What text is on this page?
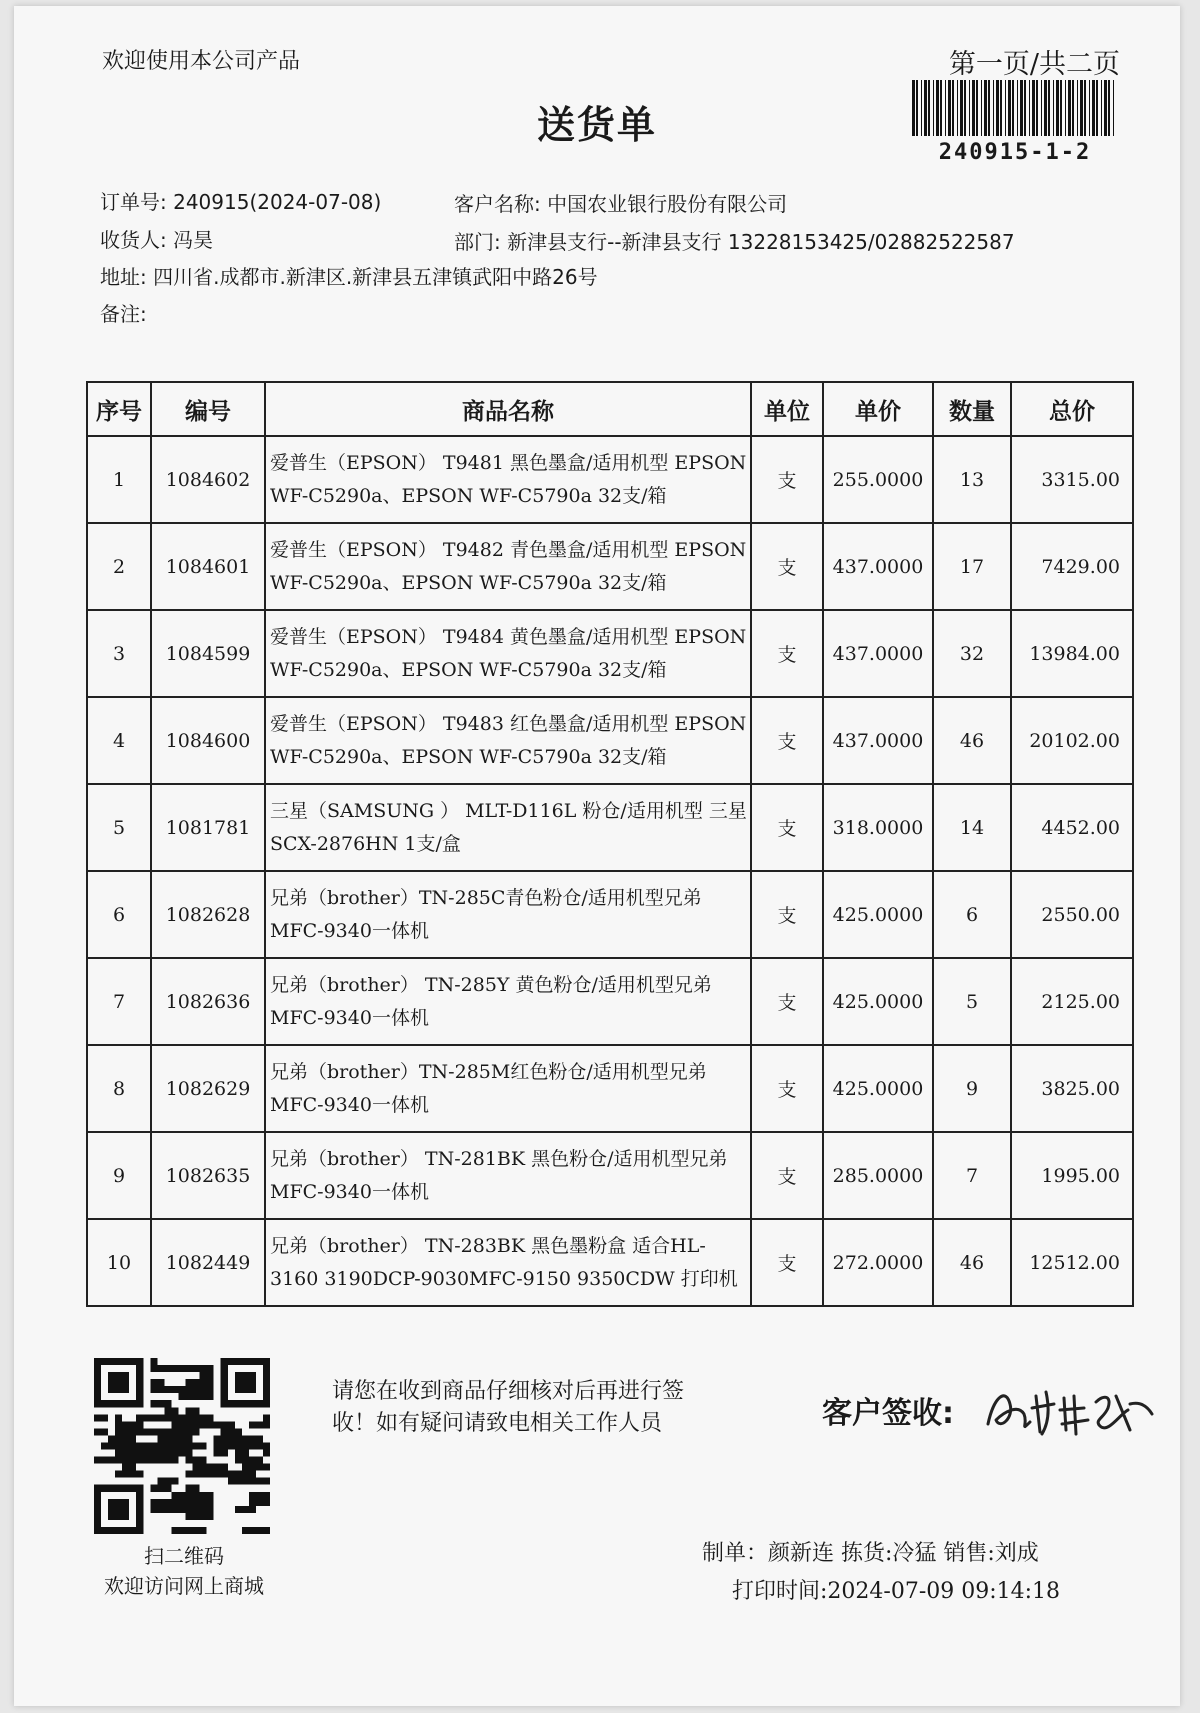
欢迎使用本公司产品	第一页/共二页
送货单
240915-1-2
订单号: 240915(2024-07-08)	客户名称: 中国农业银行股份有限公司
收货人: 冯昊	部门: 新津县支行--新津县支行 13228153425/02882522587
地址: 四川省.成都市.新津区.新津县五津镇武阳中路26号
备注:
序号	编号	商品名称	单位	单价	数量	总价
1	1084602	爱普生（EPSON） T9481 黑色墨盒/适用机型 EPSON WF-C5290a、EPSON WF-C5790a 32支/箱	支	255.0000	13	3315.00
2	1084601	爱普生（EPSON） T9482 青色墨盒/适用机型 EPSON WF-C5290a、EPSON WF-C5790a 32支/箱	支	437.0000	17	7429.00
3	1084599	爱普生（EPSON） T9484 黄色墨盒/适用机型 EPSON WF-C5290a、EPSON WF-C5790a 32支/箱	支	437.0000	32	13984.00
4	1084600	爱普生（EPSON） T9483 红色墨盒/适用机型 EPSON WF-C5290a、EPSON WF-C5790a 32支/箱	支	437.0000	46	20102.00
5	1081781	三星（SAMSUNG ） MLT-D116L 粉仓/适用机型 三星SCX-2876HN 1支/盒	支	318.0000	14	4452.00
6	1082628	兄弟（brother）TN-285C青色粉仓/适用机型兄弟 MFC-9340一体机	支	425.0000	6	2550.00
7	1082636	兄弟（brother） TN-285Y 黄色粉仓/适用机型兄弟 MFC-9340一体机	支	425.0000	5	2125.00
8	1082629	兄弟（brother）TN-285M红色粉仓/适用机型兄弟 MFC-9340一体机	支	425.0000	9	3825.00
9	1082635	兄弟（brother） TN-281BK 黑色粉仓/适用机型兄弟 MFC-9340一体机	支	285.0000	7	1995.00
10	1082449	兄弟（brother） TN-283BK 黑色墨粉盒 适合HL-3160 3190DCP-9030MFC-9150 9350CDW 打印机	支	272.0000	46	12512.00
扫二维码
欢迎访问网上商城
请您在收到商品仔细核对后再进行签
收！如有疑问请致电相关工作人员	客户签收:
制单：颜新连 拣货:冷猛 销售:刘成
打印时间:2024-07-09 09:14:18
